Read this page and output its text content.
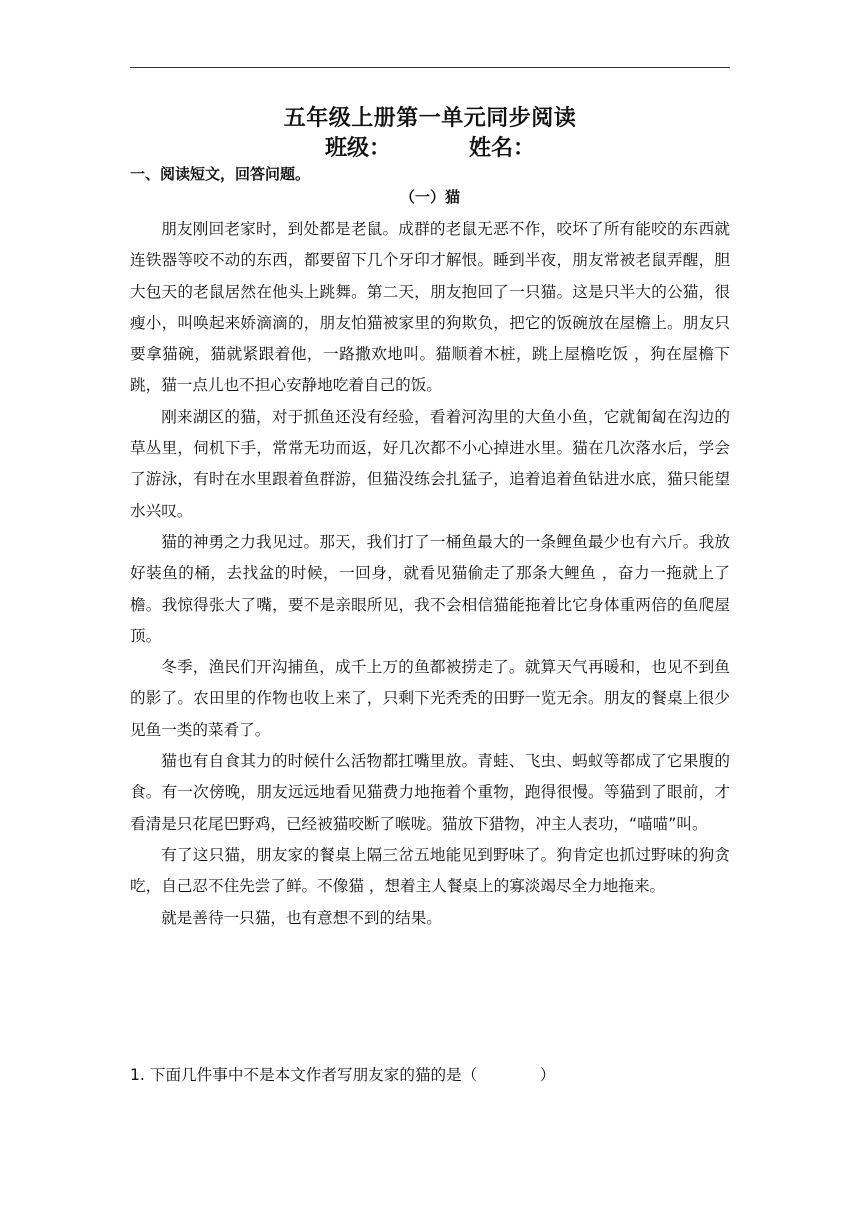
五年级上册第一单元同步阅读
班级：	姓名：
一、阅读短文，回答问题。
（一）猫

朋友刚回老家时，到处都是老鼠。成群的老鼠无恶不作，咬坏了所有能咬的东西就连铁器等咬不动的东西，都要留下几个牙印才解恨。睡到半夜，朋友常被老鼠弄醒，胆大包天的老鼠居然在他头上跳舞。第二天，朋友抱回了一只猫。这是只半大的公猫，很瘦小，叫唤起来娇滴滴的，朋友怕猫被家里的狗欺负，把它的饭碗放在屋檐上。朋友只要拿猫碗，猫就紧跟着他，一路撒欢地叫。猫顺着木桩，跳上屋檐吃饭 ，狗在屋檐下跳，猫一点儿也不担心安静地吃着自己的饭。

刚来湖区的猫，对于抓鱼还没有经验，看着河沟里的大鱼小鱼，它就匍匐在沟边的草丛里，伺机下手，常常无功而返，好几次都不小心掉进水里。猫在几次落水后，学会了游泳，有时在水里跟着鱼群游，但猫没练会扎猛子，追着追着鱼钻进水底，猫只能望水兴叹。

猫的神勇之力我见过。那天，我们打了一桶鱼最大的一条鲤鱼最少也有六斤。我放好装鱼的桶，去找盆的时候，一回身，就看见猫偷走了那条大鲤鱼 ，奋力一拖就上了檐。我惊得张大了嘴，要不是亲眼所见，我不会相信猫能拖着比它身体重两倍的鱼爬屋顶。

冬季，渔民们开沟捕鱼，成千上万的鱼都被捞走了。就算天气再暖和，也见不到鱼的影了。农田里的作物也收上来了，只剩下光秃秃的田野一览无余。朋友的餐桌上很少见鱼一类的菜肴了。

猫也有自食其力的时候什么活物都扛嘴里放。青蛙、飞虫、蚂蚁等都成了它果腹的食。有一次傍晚，朋友远远地看见猫费力地拖着个重物，跑得很慢。等猫到了眼前，才看清是只花尾巴野鸡，已经被猫咬断了喉咙。猫放下猎物，冲主人表功，“喵喵”叫。

有了这只猫，朋友家的餐桌上隔三岔五地能见到野味了。狗肯定也抓过野味的狗贪吃，自己忍不住先尝了鲜。不像猫 ，想着主人餐桌上的寡淡竭尽全力地拖来。

就是善待一只猫，也有意想不到的结果。

1. 下面几件事中不是本文作者写朋友家的猫的是（　　　　）
